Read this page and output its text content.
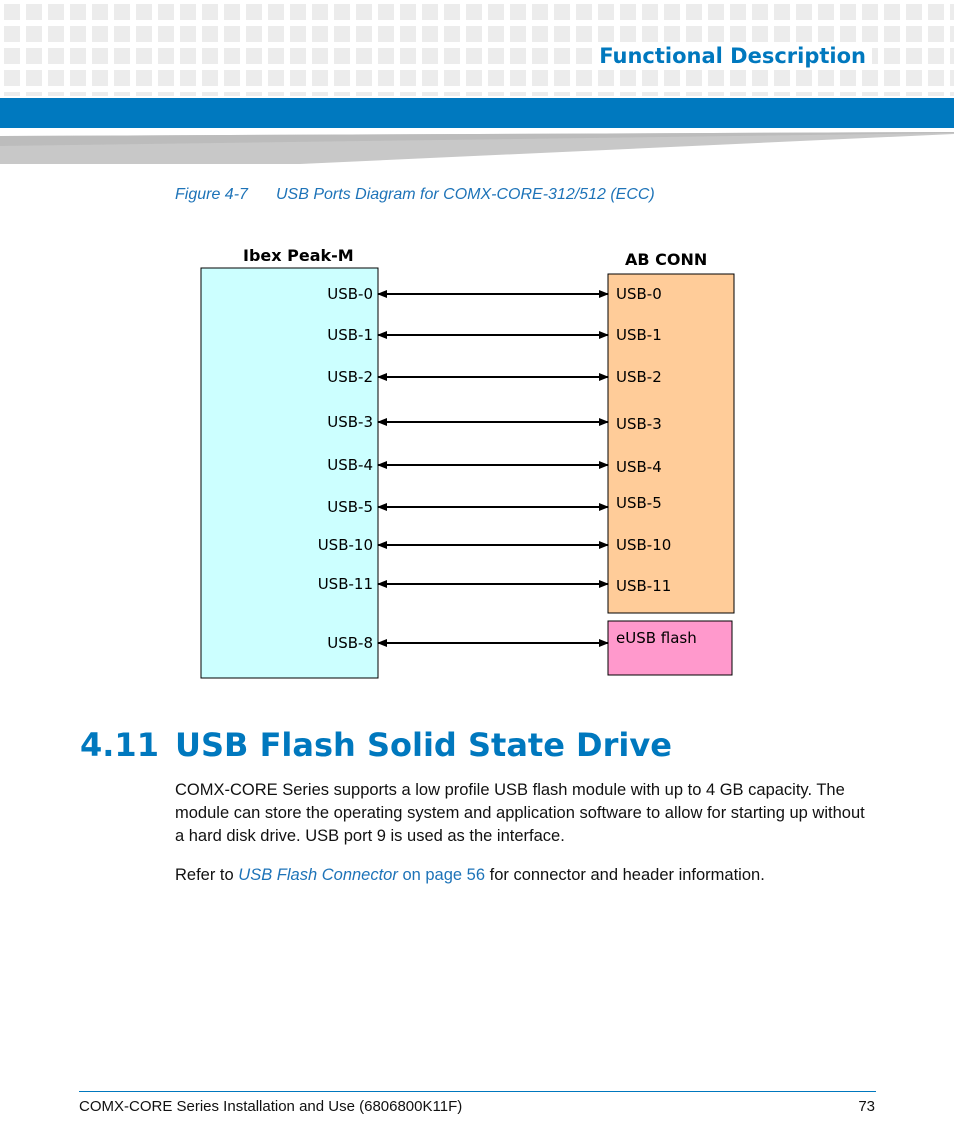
Functional Description
Figure 4-7 USB Ports Diagram for COMX-CORE-312/512 (ECC)
Ibex Peak-M	AB CONN
eUSB flash
USB-0
USB-1
USB-2
USB-3
USB-4
USB-5
USB-10
USB-11
USB-8
USB-0
USB-1
USB-2
USB-3
USB-4
USB-5
USB-10
USB-11
4.11 USB Flash Solid State Drive
COMX-CORE Series supports a low profile USB flash module with up to 4 GB capacity. The module can store the operating system and application software to allow for starting up without a hard disk drive. USB port 9 is used as the interface.
Refer to USB Flash Connector on page 56 for connector and header information.
COMX-CORE Series Installation and Use (6806800K11F)	73
